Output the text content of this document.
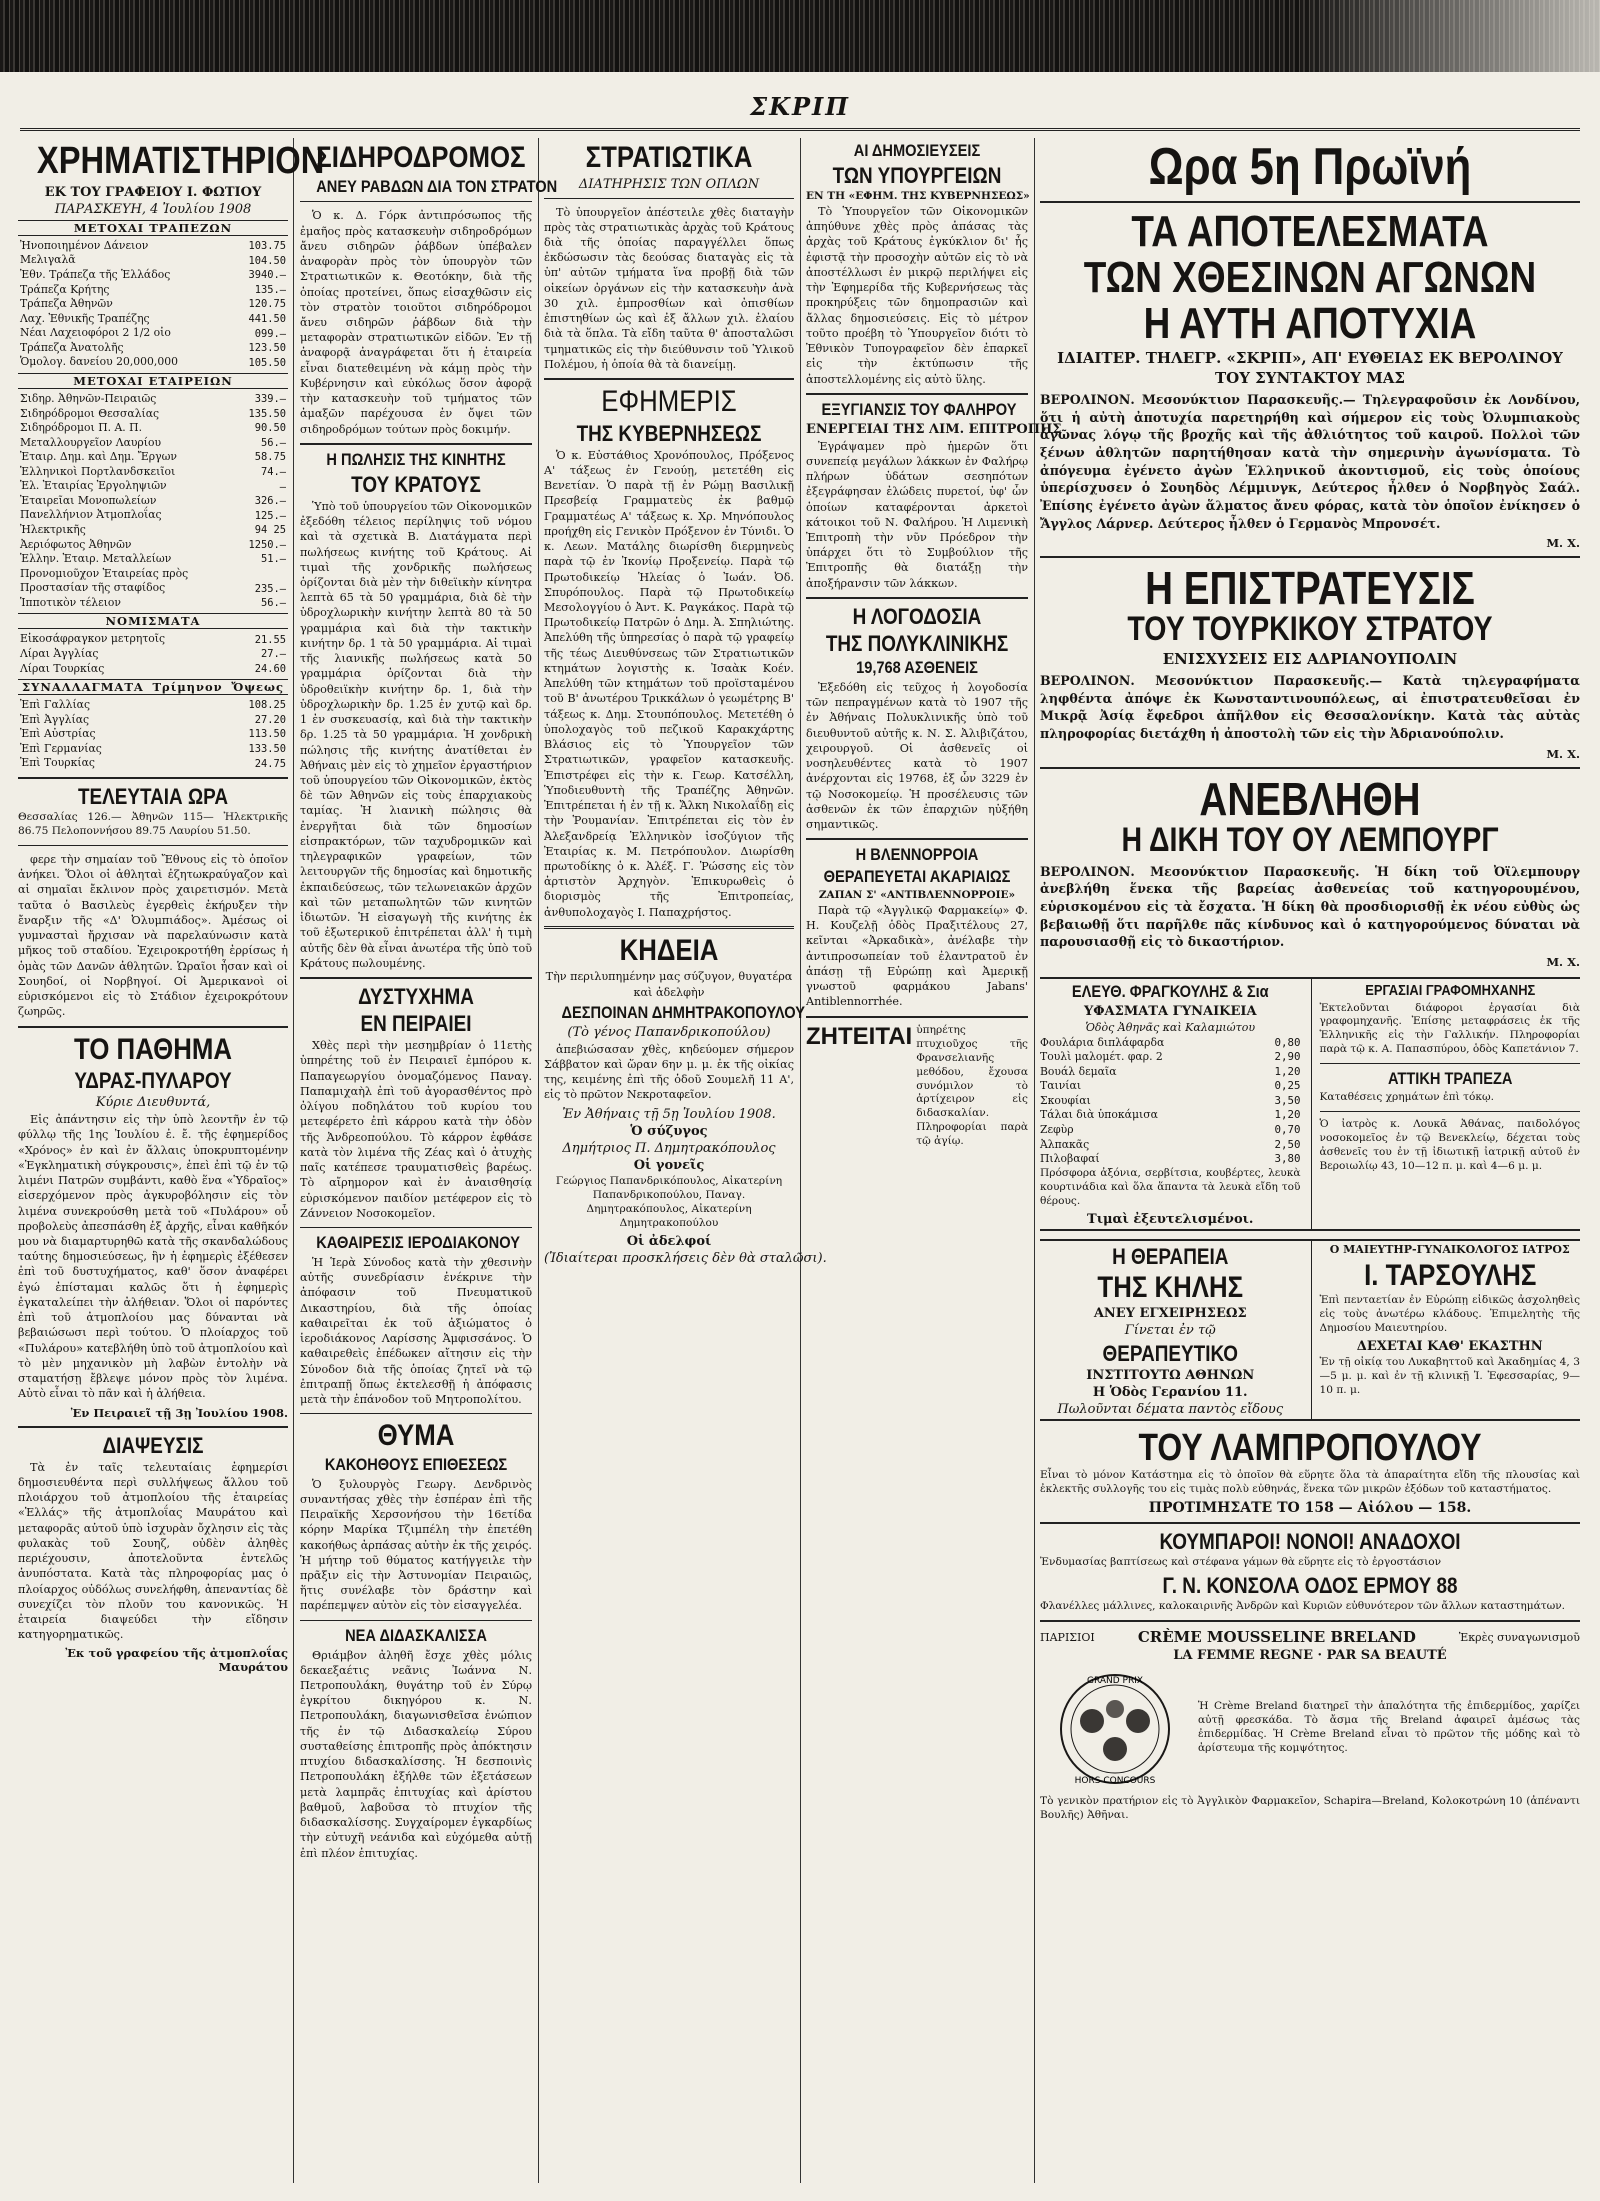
ΣΚΡΙΠ
ΧΡΗΜΑΤΙΣΤΗΡΙΟΝ
ΕΚ ΤΟΥ ΓΡΑΦΕΙΟΥ Ι. ΦΩΤΙΟΥ
ΠΑΡΑΣΚΕΥΗ, 4 Ἰουλίου 1908
ΜΕΤΟΧΑΙ ΤΡΑΠΕΖΩΝ
Ἠνοποιημένον Δάνειον	103.75
Μελιγαλᾶ	104.50
Ἐθν. Τράπεζα τῆς Ἑλλάδος	3940.—
Τράπεζα Κρήτης	135.—
Τράπεζα Ἀθηνῶν	120.75
Λαχ. Ἐθνικῆς Τραπέζης	441.50
Νέαι Λαχειοφόροι 2 1/2 οἰο	099.—
Τράπεζα Ἀνατολῆς	123.50
Ὁμολογ. δανείου 20,000,000	105.50
ΜΕΤΟΧΑΙ ΕΤΑΙΡΕΙΩΝ
Σιδηρ. Ἀθηνῶν-Πειραιῶς	339.—
Σιδηρόδρομοι Θεσσαλίας	135.50
Σιδηρόδρομοι Π. Α. Π.	90.50
Μεταλλουργεῖον Λαυρίου	56.—
Ἐταιρ. Δημ. καὶ Δημ. Ἔργων	58.75
Ἑλληνικοὶ Πορτλανδσκειῖοι	74.—
Ἑλ. Ἑταιρίας Ἐργοληψιῶν	—
Ἐταιρεῖαι Μονοπωλείων	326.—
Πανελλήνιον Ἀτμοπλοΐας	125.—
Ἠλεκτρικῆς	94 25
Ἀεριόφωτος Ἀθηνῶν	1250.—
Ἑλλην. Ἑταιρ. Μεταλλείων	51.—
Προνομιοῦχον Ἑταιρείας πρὸς	
Προστασίαν τῆς σταφίδος	235.—
Ἱπποτικὸν τέλειον	56.—
ΝΟΜΙΣΜΑΤΑ
Εἰκοσάφραγκον μετρητοῖς	21.55
Λίραι Ἀγγλίας	27.—
Λίραι Τουρκίας	24.60
ΣΥΝΑΛΛΑΓΜΑΤΑ Τρίμηνον Ὄψεως
Ἐπὶ Γαλλίας	108.25
Ἐπὶ Ἀγγλίας	27.20
Ἐπὶ Αὐστρίας	113.50
Ἐπὶ Γερμανίας	133.50
Ἐπὶ Τουρκίας	24.75
ΤΕΛΕΥΤΑΙΑ ΩΡΑ

Θεσσαλίας 126.— Ἀθηνῶν 115— Ἠλεκτρικῆς 86.75 Πελοποννήσου 89.75 Λαυρίου 51.50.

φερε τὴν σημαίαν τοῦ Ἔθνους εἰς τὸ ὁποῖον ἀνήκει. Ὅλοι οἱ ἀθληταὶ ἐζητωκραύγαζον καὶ αἱ σημαῖαι ἔκλινον πρὸς χαιρετισμόν. Μετὰ ταῦτα ὁ Βασιλεὺς ἐγερθεὶς ἐκήρυξεν τὴν ἔναρξιν τῆς «Δ' Ὀλυμπιάδος». Ἀμέσως οἱ γυμνασταὶ ἤρχισαν νὰ παρελαύνωσιν κατὰ μῆκος τοῦ σταδίου. Ἐχειροκροτήθη ἐρρίσως ἡ ὁμὰς τῶν Δανῶν ἀθλητῶν. Ὡραῖοι ἦσαν καὶ οἱ Σουηδοί, οἱ Νορβηγοί. Οἱ Ἀμερικανοὶ οἱ εὑρισκόμενοι εἰς τὸ Στάδιον ἐχειροκρότουν ζωηρῶς.

ΤΟ ΠΑΘΗΜΑ
ΥΔΡΑΣ-ΠΥΛΑΡΟΥ
Κύριε Διευθυντά,

Εἰς ἀπάντησιν εἰς τὴν ὑπὸ λεοντῆν ἐν τῷ φύλλῳ τῆς 1ης Ἰουλίου ἐ. ἔ. τῆς ἐφημερίδος «Χρόνος» ἐν καὶ ἐν ἄλλαις ὑποκρυπτομένην «Ἐγκληματικὴ σύγκρουσις», ἐπεὶ ἐπὶ τῷ ἐν τῷ λιμένι Πατρῶν συμβάντι, καθὸ ἕνα «Ὑδραῖος» εἰσερχόμενον πρὸς ἀγκυροβόλησιν εἰς τὸν λιμένα συνεκρούσθη μετὰ τοῦ «Πυλάρου» οὗ προβολεὺς ἀπεσπάσθη ἐξ ἀρχῆς, εἶναι καθῆκόν μου νὰ διαμαρτυρηθῶ κατὰ τῆς σκανδαλώδους ταύτης δημοσιεύσεως, ἣν ἡ ἐφημερὶς ἐξέθεσεν ἐπὶ τοῦ δυστυχήματος, καθ' ὅσον ἀναφέρει ἐγώ ἐπίσταμαι καλῶς ὅτι ἡ ἐφημερὶς ἐγκαταλείπει τὴν ἀλήθειαν. Ὅλοι οἱ παρόντες ἐπὶ τοῦ ἀτμοπλοίου μας δύνανται νὰ βεβαιώσωσι περὶ τούτου. Ὁ πλοίαρχος τοῦ «Πυλάρου» κατεβλήθη ὑπὸ τοῦ ἀτμοπλοίου καὶ τὸ μὲν μηχανικὸν μὴ λαβὼν ἐντολὴν νὰ σταματήσῃ ἔβλεψε μόνον πρὸς τὸν λιμένα. Αὐτὸ εἶναι τὸ πᾶν καὶ ἡ ἀλήθεια.

Ἐν Πειραιεῖ τῇ 3ῃ Ἰουλίου 1908.
ΔΙΑΨΕΥΣΙΣ

Τὰ ἐν ταῖς τελευταίαις ἐφημερίσι δημοσιευθέντα περὶ συλλήψεως ἄλλου τοῦ πλοιάρχου τοῦ ἀτμοπλοίου τῆς ἑταιρείας «Ἑλλάς» τῆς ἀτμοπλοΐας Μαυράτου καὶ μεταφορᾶς αὐτοῦ ὑπὸ ἰσχυρὰν ὄχλησιν εἰς τὰς φυλακὰς τοῦ Σουηζ, οὐδὲν ἀληθὲς περιέχουσιν, ἀποτελοῦντα ἐντελῶς ἀνυπόστατα. Κατὰ τὰς πληροφορίας μας ὁ πλοίαρχος οὐδόλως συνελήφθη, ἀπεναντίας δὲ συνεχίζει τὸν πλοῦν του κανονικῶς. Ἡ ἐταιρεία διαψεύδει τὴν εἴδησιν κατηγορηματικῶς.

Ἐκ τοῦ γραφείου τῆς ἀτμοπλοΐας Μαυράτου
ΣΙΔΗΡΟΔΡΟΜΟΣ
ΑΝΕΥ ΡΑΒΔΩΝ ΔΙΑ ΤΟΝ ΣΤΡΑΤΟΝ

Ὁ κ. Δ. Γόρκ ἀντιπρόσωπος τῆς ἐμαῆος πρὸς κατασκευὴν σιδηροδρόμων ἄνευ σιδηρῶν ῥάβδων ὑπέβαλεν ἀναφορὰν πρὸς τὸν ὑπουργὸν τῶν Στρατιωτικῶν κ. Θεοτόκην, διὰ τῆς ὁποίας προτείνει, ὅπως εἰσαχθῶσιν εἰς τὸν στρατὸν τοιοῦτοι σιδηρόδρομοι ἄνευ σιδηρῶν ῥάβδων διὰ τὴν μεταφορὰν στρατιωτικῶν εἰδῶν. Ἐν τῇ ἀναφορᾷ ἀναγράφεται ὅτι ἡ ἑταιρεία εἶναι διατεθειμένη νὰ κάμῃ πρὸς τὴν Κυβέρνησιν καὶ εὐκόλως ὅσον ἀφορᾷ τὴν κατασκευὴν τοῦ τμήματος τῶν ἀμαξῶν παρέχουσα ἐν ὄψει τῶν σιδηροδρόμων τούτων πρὸς δοκιμήν.

Η ΠΩΛΗΣΙΣ ΤΗΣ ΚΙΝΗΤΗΣ
ΤΟΥ ΚΡΑΤΟΥΣ

Ὑπὸ τοῦ ὑπουργείου τῶν Οἰκονομικῶν ἐξεδόθη τέλειος περίληψις τοῦ νόμου καὶ τὰ σχετικὰ Β. Διατάγματα περὶ πωλήσεως κινήτης τοῦ Κράτους. Αἱ τιμαὶ τῆς χονδρικῆς πωλήσεως ὁρίζονται διὰ μὲν τὴν διθεϊικὴν κίνητρα λεπτὰ 65 τὰ 50 γραμμάρια, διὰ δὲ τὴν ὑδροχλωρικὴν κινήτην λεπτὰ 80 τὰ 50 γραμμάρια καὶ διὰ τὴν τακτικὴν κινήτην δρ. 1 τὰ 50 γραμμάρια. Αἱ τιμαὶ τῆς λιανικῆς πωλήσεως κατὰ 50 γραμμάρια ὁρίζονται διὰ τὴν ὑδροθειϊκὴν κινήτην δρ. 1, διὰ τὴν ὑδροχλωρικὴν δρ. 1.25 ἐν χυτῷ καὶ δρ. 1 ἐν συσκευασίᾳ, καὶ διὰ τὴν τακτικὴν δρ. 1.25 τὰ 50 γραμμάρια. Ἡ χονδρικὴ πώλησις τῆς κινήτης ἀνατίθεται ἐν Ἀθήναις μὲν εἰς τὸ χημεῖον ἐργαστήριον τοῦ ὑπουργείου τῶν Οἰκονομικῶν, ἐκτὸς δὲ τῶν Ἀθηνῶν εἰς τοὺς ἐπαρχιακοὺς ταμίας. Ἡ λιανικὴ πώλησις θὰ ἐνεργῆται διὰ τῶν δημοσίων εἰσπρακτόρων, τῶν ταχυδρομικῶν καὶ τηλεγραφικῶν γραφείων, τῶν λειτουργῶν τῆς δημοσίας καὶ δημοτικῆς ἐκπαιδεύσεως, τῶν τελωνειακῶν ἀρχῶν καὶ τῶν μεταπωλητῶν τῶν κινητῶν ἰδιωτῶν. Ἡ εἰσαγωγὴ τῆς κινήτης ἐκ τοῦ ἐξωτερικοῦ ἐπιτρέπεται ἀλλ' ἡ τιμὴ αὐτῆς δὲν θὰ εἶναι ἀνωτέρα τῆς ὑπὸ τοῦ Κράτους πωλουμένης.

ΔΥΣΤΥΧΗΜΑ
ΕΝ ΠΕΙΡΑΙΕΙ

Χθὲς περὶ τὴν μεσημβρίαν ὁ 11ετὴς ὑπηρέτης τοῦ ἐν Πειραιεῖ ἐμπόρου κ. Παπαγεωργίου ὀνομαζόμενος Παναγ. Παπαμιχαὴλ ἐπὶ τοῦ ἀγορασθέντος πρὸ ὀλίγου ποδηλάτου τοῦ κυρίου του μετεφέρετο ἐπὶ κάρρου κατὰ τὴν ὁδὸν τῆς Ἀνδρεοπούλου. Τὸ κάρρον ἐφθάσε κατὰ τὸν λιμένα τῆς Ζέας καὶ ὁ ἀτυχὴς παῖς κατέπεσε τραυματισθεὶς βαρέως. Τὸ αἴρημορον καὶ ἐν ἀναισθησίᾳ εὑρισκόμενον παιδίον μετέφερον εἰς τὸ Ζάννειον Νοσοκομεῖον.

ΚΑΘΑΙΡΕΣΙΣ ΙΕΡΟΔΙΑΚΟΝΟΥ

Ἡ Ἱερὰ Σύνοδος κατὰ τὴν χθεσινὴν αὐτῆς συνεδρίασιν ἐνέκρινε τὴν ἀπόφασιν τοῦ Πνευματικοῦ Δικαστηρίου, διὰ τῆς ὁποίας καθαιρεῖται ἐκ τοῦ ἀξιώματος ὁ ἱεροδιάκονος Λαρίσσης Ἀμφισσάνος. Ὁ καθαιρεθεὶς ἐπέδωκεν αἴτησιν εἰς τὴν Σύνοδον διὰ τῆς ὁποίας ζητεῖ νὰ τῷ ἐπιτραπῇ ὅπως ἐκτελεσθῇ ἡ ἀπόφασις μετὰ τὴν ἐπάνοδον τοῦ Μητροπολίτου.

ΘΥΜΑ
ΚΑΚΟΗΘΟΥΣ ΕΠΙΘΕΣΕΩΣ

Ὁ ξυλουργὸς Γεωργ. Δενδρινὸς συναντήσας χθὲς τὴν ἑσπέραν ἐπὶ τῆς Πειραϊκῆς Χερσονήσου τὴν 16ετίδα κόρην Μαρίκα Τζιμπέλη τὴν ἐπετέθη κακοήθως ἀρπάσας αὐτὴν ἐκ τῆς χειρός. Ἡ μήτηρ τοῦ θύματος κατήγγειλε τὴν πρᾶξιν εἰς τὴν Ἀστυνομίαν Πειραιῶς, ἥτις συνέλαβε τὸν δράστην καὶ παρέπεμψεν αὐτὸν εἰς τὸν εἰσαγγελέα.

ΝΕΑ ΔΙΔΑΣΚΑΛΙΣΣΑ

Θριάμβον ἀληθῆ ἔσχε χθὲς μόλις δεκαεξαέτις νεᾶνις Ἰωάννα Ν. Πετροπουλάκη, θυγάτηρ τοῦ ἐν Σύρῳ ἐγκρίτου δικηγόρου κ. Ν. Πετροπουλάκη, διαγωνισθεῖσα ἐνώπιον τῆς ἐν τῷ Διδασκαλείῳ Σύρου συσταθείσης ἐπιτροπῆς πρὸς ἀπόκτησιν πτυχίου διδασκαλίσσης. Ἡ δεσποινὶς Πετροπουλάκη ἐξήλθε τῶν ἐξετάσεων μετὰ λαμπρᾶς ἐπιτυχίας καὶ ἀρίστου βαθμοῦ, λαβοῦσα τὸ πτυχίον τῆς διδασκαλίσσης. Συγχαίρομεν ἐγκαρδίως τὴν εὐτυχῆ νεάνιδα καὶ εὐχόμεθα αὐτῇ ἐπὶ πλέον ἐπιτυχίας.

ΣΤΡΑΤΙΩΤΙΚΑ
ΔΙΑΤΗΡΗΣΙΣ ΤΩΝ ΟΠΛΩΝ

Τὸ ὑπουργεῖον ἀπέστειλε χθὲς διαταγὴν πρὸς τὰς στρατιωτικὰς ἀρχὰς τοῦ Κράτους διὰ τῆς ὁποίας παραγγέλλει ὅπως ἐκδώσωσιν τὰς δεούσας διαταγὰς εἰς τὰ ὑπ' αὐτῶν τμήματα ἵνα προβῇ διὰ τῶν οἰκείων ὀργάνων εἰς τὴν κατασκευὴν ἀνὰ 30 χιλ. ἐμπροσθίων καὶ ὀπισθίων ἐπιστηθίων ὡς καὶ ἐξ ἄλλων χιλ. ἐλαίου διὰ τὰ ὅπλα. Τὰ εἴδη ταῦτα θ' ἀποσταλῶσι τμηματικῶς εἰς τὴν διεύθυνσιν τοῦ Ὑλικοῦ Πολέμου, ἡ ὁποία θὰ τὰ διανείμῃ.

ΕΦΗΜΕΡΙΣ
ΤΗΣ ΚΥΒΕΡΝΗΣΕΩΣ

Ὁ κ. Εὐστάθιος Χρονόπουλος, Πρόξενος Α' τάξεως ἐν Γενούῃ, μετετέθη εἰς Βενετίαν. Ὁ παρὰ τῇ ἐν Ρώμῃ Βασιλικῇ Πρεσβείᾳ Γραμματεὺς ἐκ βαθμῷ Γραμματέως Α' τάξεως κ. Χρ. Μηνόπουλος προήχθη εἰς Γενικὸν Πρόξενον ἐν Τύνιδι. Ὁ κ. Λεων. Ματάλης διωρίσθη διερμηνεὺς παρὰ τῷ ἐν Ἰκονίῳ Προξενείῳ. Παρὰ τῷ Πρωτοδικείῳ Ἡλείας ὁ Ἰωάν. Ὀδ. Σπυρόπουλος. Παρὰ τῷ Πρωτοδικείῳ Μεσολογγίου ὁ Ἀντ. Κ. Ραγκάκος. Παρὰ τῷ Πρωτοδικείῳ Πατρῶν ὁ Δημ. Ἀ. Σπηλιώτης. Ἀπελύθη τῆς ὑπηρεσίας ὁ παρὰ τῷ γραφείῳ τῆς τέως Διευθύνσεως τῶν Στρατιωτικῶν κτημάτων λογιστὴς κ. Ἰσαὰκ Κοέν. Ἀπελύθη τῶν κτημάτων τοῦ προϊσταμένου τοῦ Β' ἀνωτέρου Τρικκάλων ὁ γεωμέτρης Β' τάξεως κ. Δημ. Στουπόπουλος. Μετετέθη ὁ ὑπολοχαγὸς τοῦ πεζικοῦ Καρακχάρτης Βλάσιος εἰς τὸ Ὑπουργεῖον τῶν Στρατιωτικῶν, γραφεῖον κατασκευῆς. Ἐπιστρέφει εἰς τὴν κ. Γεωρ. Κατσέλλη, Ὑποδιευθυντὴ τῆς Τραπέζης Ἀθηνῶν. Ἐπιτρέπεται ἡ ἐν τῇ κ. Ἄλκη Νικολαΐδῃ εἰς τὴν Ῥουμανίαν. Ἐπιτρέπεται εἰς τὸν ἐν Ἀλεξανδρείᾳ Ἑλληνικὸν ἰσοζύγιον τῆς Ἐταιρίας κ. Μ. Πετρόπουλον. Διωρίσθη πρωτοδίκης ὁ κ. Ἀλέξ. Γ. Ῥώσσης εἰς τὸν ἀρτιστὸν Ἀρχηγὸν. Ἐπικυρωθεὶς ὁ διορισμὸς τῆς Ἐπιτροπείας, ἀνθυπολοχαγὸς Ι. Παπαχρήστος.

ΚΗΔΕΙΑ

Τὴν περιλυπημένην μας σύζυγον, θυγατέρα καὶ ἀδελφὴν

ΔΕΣΠΟΙΝΑΝ ΔΗΜΗΤΡΑΚΟΠΟΥΛΟΥ
(Τὸ γένος Παπανδρικοπούλου)

ἀπεβιώσασαν χθὲς, κηδεύομεν σήμερον Σάββατον καὶ ὥραν 6ην μ. μ. ἐκ τῆς οἰκίας της, κειμένης ἐπὶ τῆς ὁδοῦ Σουμελῆ 11 Α', εἰς τὸ πρῶτον Νεκροταφεῖον.

Ἐν Ἀθήναις τῇ 5ῃ Ἰουλίου 1908.
Ὁ σύζυγος
Δημήτριος Π. Δημητρακόπουλος
Οἱ γονεῖς

Γεώργιος Παπανδρικόπουλος, Αἰκατερίνη Παπανδρικοπούλου, Παναγ. Δημητρακόπουλος, Αἰκατερίνη Δημητρακοπούλου

Οἱ ἀδελφοί
(Ἰδιαίτεραι προσκλήσεις δὲν θὰ σταλῶσι).
ΑΙ ΔΗΜΟΣΙΕΥΣΕΙΣ
ΤΩΝ ΥΠΟΥΡΓΕΙΩΝ
ΕΝ ΤΗ «ΕΦΗΜ. ΤΗΣ ΚΥΒΕΡΝΗΣΕΩΣ»

Τὸ Ὑπουργεῖον τῶν Οἰκονομικῶν ἀπηύθυνε χθὲς πρὸς ἁπάσας τὰς ἀρχὰς τοῦ Κράτους ἐγκύκλιον δι' ἧς ἐφιστᾷ τὴν προσοχὴν αὐτῶν εἰς τὸ νὰ ἀποστέλλωσι ἐν μικρῷ περιλήψει εἰς τὴν Ἐφημερίδα τῆς Κυβερνήσεως τὰς προκηρύξεις τῶν δημοπρασιῶν καὶ ἄλλας δημοσιεύσεις. Εἰς τὸ μέτρον τοῦτο προέβη τὸ Ὑπουργεῖον διότι τὸ Ἐθνικὸν Τυπογραφεῖον δὲν ἐπαρκεῖ εἰς τὴν ἐκτύπωσιν τῆς ἀποστελλομένης εἰς αὐτὸ ὕλης.

ΕΞΥΓΙΑΝΣΙΣ ΤΟΥ ΦΑΛΗΡΟΥ
ΕΝΕΡΓΕΙΑΙ ΤΗΣ ΛΙΜ. ΕΠΙΤΡΟΠΗΣ

Ἐγράψαμεν πρὸ ἡμερῶν ὅτι συνεπείᾳ μεγάλων λάκκων ἐν Φαλήρῳ πλήρων ὑδάτων σεσηπότων ἐξεγράφησαν ἐλώδεις πυρετοί, ὑφ' ὧν ὁποίων καταφέρονται ἀρκετοὶ κάτοικοι τοῦ Ν. Φαλήρου. Ἡ Λιμενικὴ Ἐπιτροπὴ τὴν νῦν Πρόεδρον τὴν ὑπάρχει ὅτι τὸ Συμβούλιον τῆς Ἐπιτροπῆς θὰ διατάξῃ τὴν ἀποξήρανσιν τῶν λάκκων.

Η ΛΟΓΟΔΟΣΙΑ
ΤΗΣ ΠΟΛΥΚΛΙΝΙΚΗΣ
19,768 ΑΣΘΕΝΕΙΣ

Ἐξεδόθη εἰς τεῦχος ἡ λογοδοσία τῶν πεπραγμένων κατὰ τὸ 1907 τῆς ἐν Ἀθήναις Πολυκλινικῆς ὑπὸ τοῦ διευθυντοῦ αὐτῆς κ. Ν. Σ. Ἀλιβιζάτου, χειρουργοῦ. Οἱ ἀσθενεῖς οἱ νοσηλευθέντες κατὰ τὸ 1907 ἀνέρχονται εἰς 19768, ἐξ ὧν 3229 ἐν τῷ Νοσοκομείῳ. Ἡ προσέλευσις τῶν ἀσθενῶν ἐκ τῶν ἐπαρχιῶν ηὐξήθη σημαντικῶς.

Η ΒΛΕΝΝΟΡΡΟΙΑ
ΘΕΡΑΠΕΥΕΤΑΙ ΑΚΑΡΙΑΙΩΣ
ΖΑΠΑΝ Σ' «ΑΝΤΙΒΛΕΝΝΟΡΡΟΙΕ»

Παρὰ τῷ «Ἀγγλικῷ Φαρμακείῳ» Φ. Η. Κουζελῇ ὁδὸς Πραξιτέλους 27, κεῖνται «Ἀρκαδικὰ», ἀνέλαβε τὴν ἀντιπροσωπείαν τοῦ ἐλαντρατοῦ ἐν ἁπάσῃ τῇ Εὐρώπῃ καὶ Ἀμερικῇ γνωστοῦ φαρμάκου Jabans' Antiblennorrhée.

ΖΗΤΕΙΤΑΙ ὑπηρέτης πτυχιοῦχος τῆς Φρανσελιανῆς μεθόδου, ἔχουσα συνόμιλον τὸ ἀρτίχειρον εἰς διδασκαλίαν. Πληροφορίαι παρὰ τῷ ἀγίῳ.

Ωρα 5η Πρωϊνή
ΤΑ ΑΠΟΤΕΛΕΣΜΑΤΑ
ΤΩΝ ΧΘΕΣΙΝΩΝ ΑΓΩΝΩΝ
Η ΑΥΤΗ ΑΠΟΤΥΧΙΑ
ΙΔΙΑΙΤΕΡ. ΤΗΛΕΓΡ. «ΣΚΡΙΠ», ΑΠ' ΕΥΘΕΙΑΣ ΕΚ ΒΕΡΟΛΙΝΟΥ
ΤΟΥ ΣΥΝΤΑΚΤΟΥ ΜΑΣ

ΒΕΡΟΛΙΝΟΝ. Μεσονύκτιον Παρασκευῆς.— Τηλεγραφοῦσιν ἐκ Λονδίνου, ὅτι ἡ αὐτὴ ἀποτυχία παρετηρήθη καὶ σήμερον εἰς τοὺς Ὀλυμπιακοὺς ἀγῶνας λόγῳ τῆς βροχῆς καὶ τῆς ἀθλιότητος τοῦ καιροῦ. Πολλοὶ τῶν ξένων ἀθλητῶν παρητήθησαν κατὰ τὴν σημερινὴν ἀγωνίσματα. Τὸ ἀπόγευμα ἐγένετο ἀγὼν Ἑλληνικοῦ ἀκοντισμοῦ, εἰς τοὺς ὁποίους ὑπερίσχυσεν ὁ Σουηδὸς Λέμμινγκ, Δεύτερος ἦλθεν ὁ Νορβηγὸς Σαάλ. Ἐπίσης ἐγένετο ἀγὼν ἅλματος ἄνευ φόρας, κατὰ τὸν ὁποῖον ἐνίκησεν ὁ Ἄγγλος Λάρνερ. Δεύτερος ἦλθεν ὁ Γερμανὸς Μπρονσέτ.

Μ. Χ.
Η ΕΠΙΣΤΡΑΤΕΥΣΙΣ
ΤΟΥ ΤΟΥΡΚΙΚΟΥ ΣΤΡΑΤΟΥ
ΕΝΙΣΧΥΣΕΙΣ ΕΙΣ ΑΔΡΙΑΝΟΥΠΟΛΙΝ

ΒΕΡΟΛΙΝΟΝ. Μεσονύκτιον Παρασκευῆς.— Κατὰ τηλεγραφήματα ληφθέντα ἀπόψε ἐκ Κωνσταντινουπόλεως, αἱ ἐπιστρατευθεῖσαι ἐν Μικρᾷ Ἀσίᾳ ἔφεδροι ἀπῆλθον εἰς Θεσσαλονίκην. Κατὰ τὰς αὐτὰς πληροφορίας διετάχθη ἡ ἀποστολὴ τῶν εἰς τὴν Ἀδριανούπολιν.

Μ. Χ.
ΑΝΕΒΛΗΘΗ
Η ΔΙΚΗ ΤΟΥ ΟΥ ΛΕΜΠΟΥΡΓ

ΒΕΡΟΛΙΝΟΝ. Μεσονύκτιον Παρασκευῆς. Ἡ δίκη τοῦ Ὀϊλεμπουργ ἀνεβλήθη ἕνεκα τῆς βαρείας ἀσθενείας τοῦ κατηγορουμένου, εὑρισκομένου εἰς τὰ ἔσχατα. Ἡ δίκη θὰ προσδιορισθῇ ἐκ νέου εὐθὺς ὡς βεβαιωθῇ ὅτι παρῆλθε πᾶς κίνδυνος καὶ ὁ κατηγορούμενος δύναται νὰ παρουσιασθῇ εἰς τὸ δικαστήριον.

Μ. Χ.
ΕΛΕΥΘ. ΦΡΑΓΚΟΥΛΗΣ & Σια
ΥΦΑΣΜΑΤΑ ΓΥΝΑΙΚΕΙΑ
Ὁδὸς Ἀθηνᾶς καὶ Καλαμιώτου
Φουλάρια διπλάφαρδα	0,80
Τουλὶ μαλομέτ. φαρ. 2	2,90
Βουάλ δεμαῖα	1,20
Ταινίαι	0,25
Σκουφίαι	3,50
Τάλαι διὰ ὑποκάμισα	1,20
Ζεφὺρ	0,70
Ἀλπακᾶς	2,50
Πιλοβαφαί	3,80

Πρόσφορα ἀξόνια, σερβίτσια, κουβέρτες, λευκὰ κουρτινάδια καὶ ὅλα ἅπαντα τὰ λευκὰ εἴδη τοῦ θέρους.

Τιμαὶ ἐξευτελισμένοι.
ΕΡΓΑΣΙΑΙ ΓΡΑΦΟΜΗΧΑΝΗΣ

Ἐκτελοῦνται διάφοροι ἐργασίαι διὰ γραφομηχανῆς. Ἐπίσης μεταφράσεις ἐκ τῆς Ἑλληνικῆς εἰς τὴν Γαλλικήν. Πληροφορίαι παρὰ τῷ κ. Α. Παπασπύρου, ὁδὸς Καπετάνιον 7.

ΑΤΤΙΚΗ ΤΡΑΠΕΖΑ

Καταθέσεις χρημάτων ἐπὶ τόκῳ.

Ὁ ἰατρὸς κ. Λουκᾶ Ἀθάνας, παιδολόγος νοσοκομεῖος ἐν τῷ Βενεκλείῳ, δέχεται τοὺς ἀσθενεῖς του ἐν τῇ ἰδιωτικῇ ἰατρικῇ αὐτοῦ ἐν Βεροιωλίῳ 43, 10—12 π. μ. καὶ 4—6 μ. μ.

Η ΘΕΡΑΠΕΙΑ
ΤΗΣ ΚΗΛΗΣ
ΑΝΕΥ ΕΓΧΕΙΡΗΣΕΩΣ
Γίνεται ἐν τῷ
ΘΕΡΑΠΕΥΤΙΚΟ
ΙΝΣΤΙΤΟΥΤΩ ΑΘΗΝΩΝ
Η Ὁδὸς Γερανίου 11.
Πωλοῦνται δέματα παντὸς εἴδους
Ο ΜΑΙΕΥΤΗΡ-ΓΥΝΑΙΚΟΛΟΓΟΣ ΙΑΤΡΟΣ
Ι. ΤΑΡΣΟΥΛΗΣ

Ἐπὶ πενταετίαν ἐν Εὐρώπῃ εἰδικῶς ἀσχοληθεὶς εἰς τοὺς ἀνωτέρω κλάδους. Ἐπιμελητὴς τῆς Δημοσίου Μαιευτηρίου.

ΔΕΧΕΤΑΙ ΚΑΘ' ΕΚΑΣΤΗΝ

Ἐν τῇ οἰκίᾳ του Λυκαβηττοῦ καὶ Ἀκαδημίας 4, 3—5 μ. μ. καὶ ἐν τῇ κλινικῇ Ἰ. Ἐφεσσαρίας, 9—10 π. μ.

ΤΟΥ ΛΑΜΠΡΟΠΟΥΛΟΥ

Εἶναι τὸ μόνον Κατάστημα εἰς τὸ ὁποῖον θὰ εὕρητε ὅλα τὰ ἀπαραίτητα εἴδη τῆς πλουσίας καὶ ἐκλεκτῆς συλλογῆς του εἰς τιμὰς πολὺ εὐθηνάς, ἕνεκα τῶν μικρῶν ἐξόδων τοῦ καταστήματος.

ΠΡΟΤΙΜΗΣΑΤΕ ΤΟ 158 — Αἰόλου — 158.
ΚΟΥΜΠΑΡΟΙ! ΝΟΝΟΙ! ΑΝΑΔΟΧΟΙ

Ἐνδυμασίας βαπτίσεως καὶ στέφανα γάμων θὰ εὕρητε εἰς τὸ ἐργοστάσιον

Γ. Ν. ΚΟΝΣΟΛΑ ΟΔΟΣ ΕΡΜΟΥ 88

Φλανέλλες μάλλινες, καλοκαιρινῆς Ἀνδρῶν καὶ Κυριῶν εὐθυνότερον τῶν ἄλλων καταστημάτων.

ΠΑΡΙΣΙΟΙ	CRÈME MOUSSELINE BRELAND	Ἐκρὲς συναγωνισμοῦ
LA FEMME REGNE · PAR SA BEAUTÉ
GRAND PRIX
HORS CONCOURS

Ἡ Crème Breland διατηρεῖ τὴν ἁπαλότητα τῆς ἐπιδερμίδος, χαρίζει αὐτῇ φρεσκάδα. Τὸ ἄσμα τῆς Breland ἀφαιρεῖ ἀμέσως τὰς ἐπιδερμίδας. Ἡ Crème Breland εἶναι τὸ πρῶτον τῆς μόδης καὶ τὸ ἀρίστευμα τῆς κομψότητος.

Τὸ γενικὸν πρατήριον εἰς τὸ Ἀγγλικὸν Φαρμακεῖον, Schapira—Breland, Κολοκοτρώνη 10 (ἀπέναντι Βουλῆς) Ἀθῆναι.
